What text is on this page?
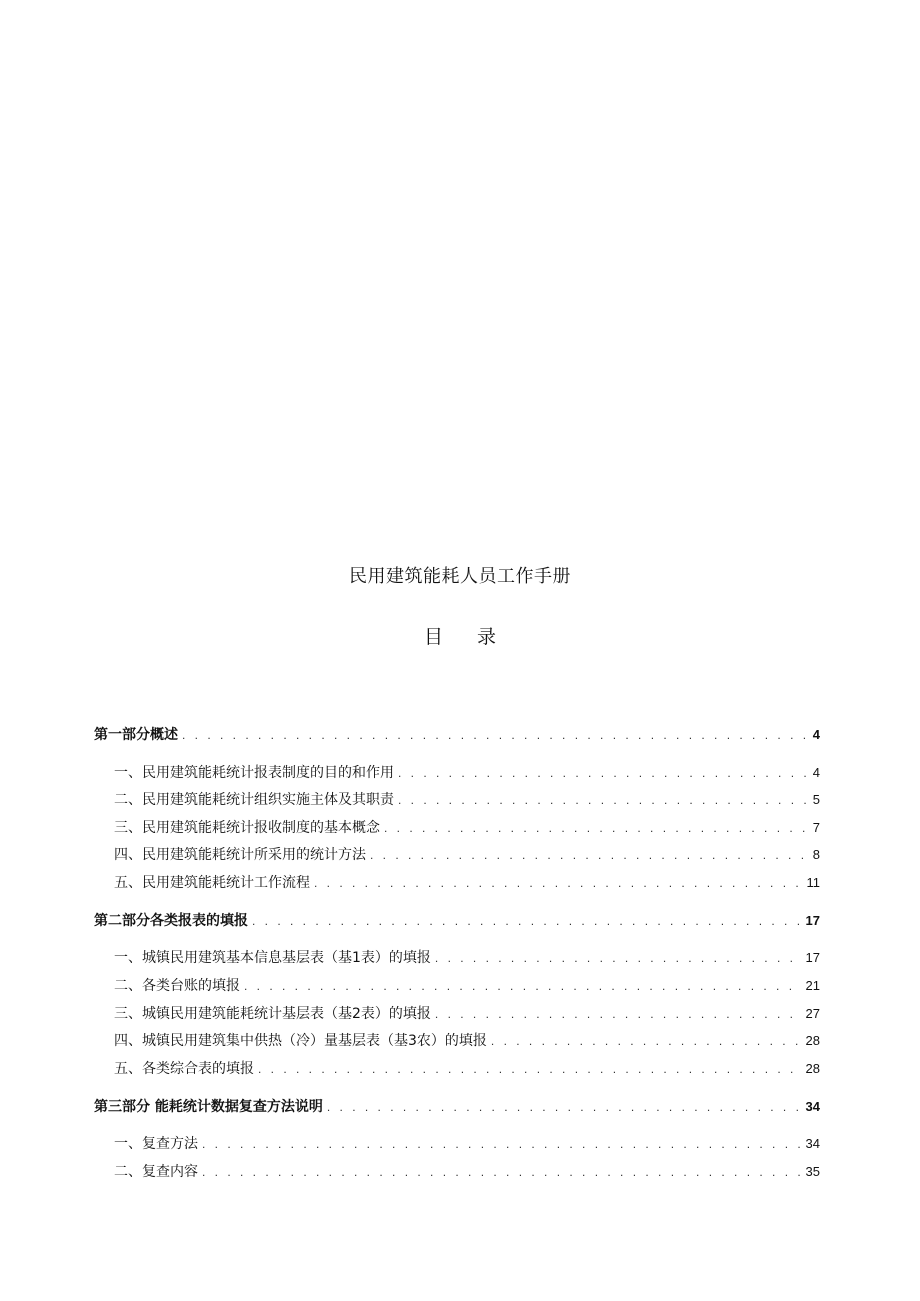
民用建筑能耗人员工作手册
目 录
第一部分概述 . . .	4
一、民用建筑能耗统计报表制度的目的和作用 . . .	4
二、民用建筑能耗统计组织实施主体及其职责 . . .	5
三、民用建筑能耗统计报收制度的基本概念 . . .	7
四、民用建筑能耗统计所采用的统计方法 . . .	8
五、民用建筑能耗统计工作流程 . . .	11
第二部分各类报表的填报 . . .	17
一、城镇民用建筑基本信息基层表（基1表）的填报 . . .	17
二、各类台账的填报 . . .	21
三、城镇民用建筑能耗统计基层表（基2表）的填报 . . .	27
四、城镇民用建筑集中供热（冷）量基层表（基3农）的填报 . . .	28
五、各类综合表的填报 . . .	28
第三部分 能耗统计数据复查方法说明 . . .	34
一、复查方法 . . .	34
二、复查内容 . . .	35
